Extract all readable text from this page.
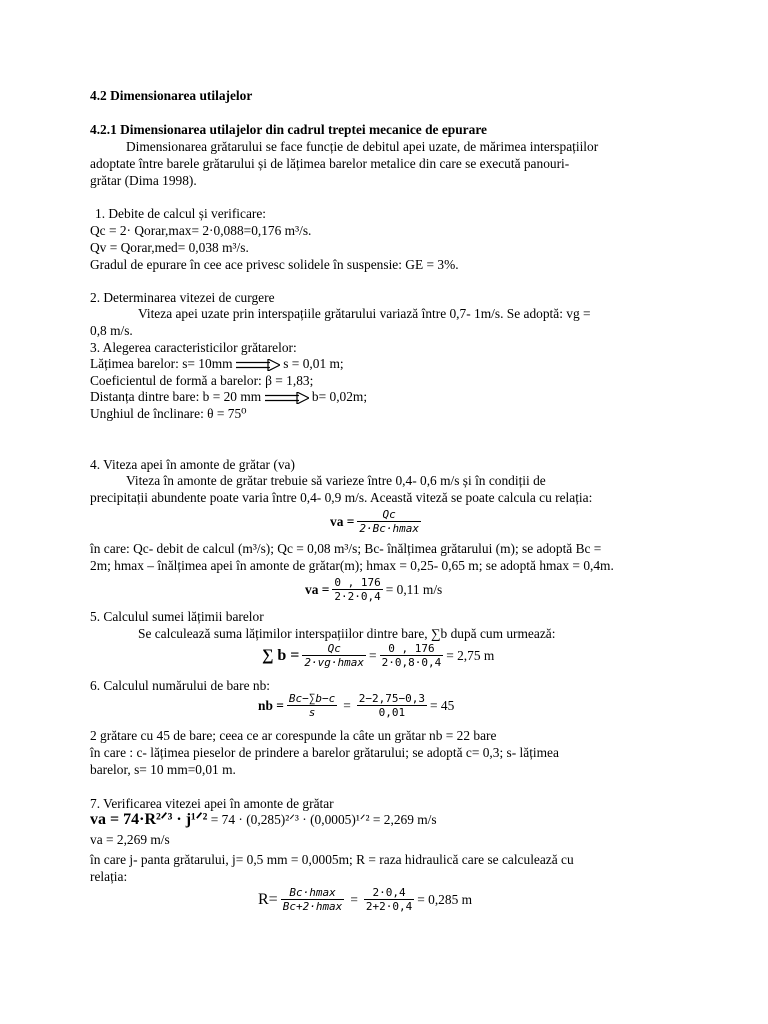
4.2 Dimensionarea utilajelor
4.2.1 Dimensionarea utilajelor din cadrul treptei mecanice de epurare
Dimensionarea grătarului se face funcție de debitul apei uzate, de mărimea interspațiilor
adoptate între barele grătarului și de lățimea barelor metalice din care se execută panouri-
grătar (Dima 1998).
1. Debite de calcul și verificare:
Qc = 2· Qorar,max= 2·0,088=0,176 m³/s.
Qv = Qorar,med= 0,038 m³/s.
Gradul de epurare în cee ace privesc solidele în suspensie: GE = 3%.
2. Determinarea vitezei de curgere
Viteza apei uzate prin interspațiile grătarului variază între 0,7- 1m/s. Se adoptă: vg =
0,8 m/s.
3. Alegerea caracteristicilor grătarelor:
Lățimea barelor: s= 10mm	s = 0,01 m;
Coeficientul de formă a barelor: β = 1,83;
Distanța dintre bare: b = 20 mm	b= 0,02m;
Unghiul de înclinare: θ = 75⁰
4. Viteza apei în amonte de grătar (va)
Viteza în amonte de grătar trebuie să varieze între 0,4- 0,6 m/s și în condiții de
precipitații abundente poate varia între 0,4- 0,9 m/s. Această viteză se poate calcula cu relația:
va = $\frac{Qc}{2\cdot Bc\cdot hmax}$
în care: Qc- debit de calcul (m³/s); Qc = 0,08 m³/s; Bc- înălțimea grătarului (m); se adoptă Bc =
2m; hmax – înălțimea apei în amonte de grătar(m); hmax = 0,25- 0,65 m; se adoptă hmax = 0,4m.
va = $\frac{0 , 176}{2\cdot 2\cdot 0,4} = 0,11$ m/s
5. Calculul sumei lățimii barelor
Se calculează suma lățimilor interspațiilor dintre bare, ∑b după cum urmează:
∑ $b = \frac{Qc}{2\cdot vg\cdot hmax} = \frac{0 , 176}{2\cdot 0,8\cdot 0,4} = 2,75$ m
6. Calculul numărului de bare nb:
nb = $\frac{Bc-\sum b-c}{s} = \frac{2-2,75-0,3}{0,01} = 45$
2 grătare cu 45 de bare; ceea ce ar corespunde la câte un grătar nb = 22 bare
în care : c- lățimea pieselor de prindere a barelor grătarului; se adoptă c= 0,3; s- lățimea
barelor, s= 10 mm=0,01 m.
7. Verificarea vitezei apei în amonte de grătar
va = 74·R²ᐟ³ · j¹ᐟ² = 74 · (0,285)²ᐟ³ · (0,0005)¹ᐟ² = 2,269 m/s
va = 2,269 m/s
în care j- panta grătarului, j= 0,5 mm = 0,0005m; R = raza hidraulică care se calculează cu
relația:
$R= \frac{Bc\cdot hmax}{Bc+2\cdot hmax} = \frac{2\cdot 0,4}{2+2\cdot 0,4} = 0,285$ m
